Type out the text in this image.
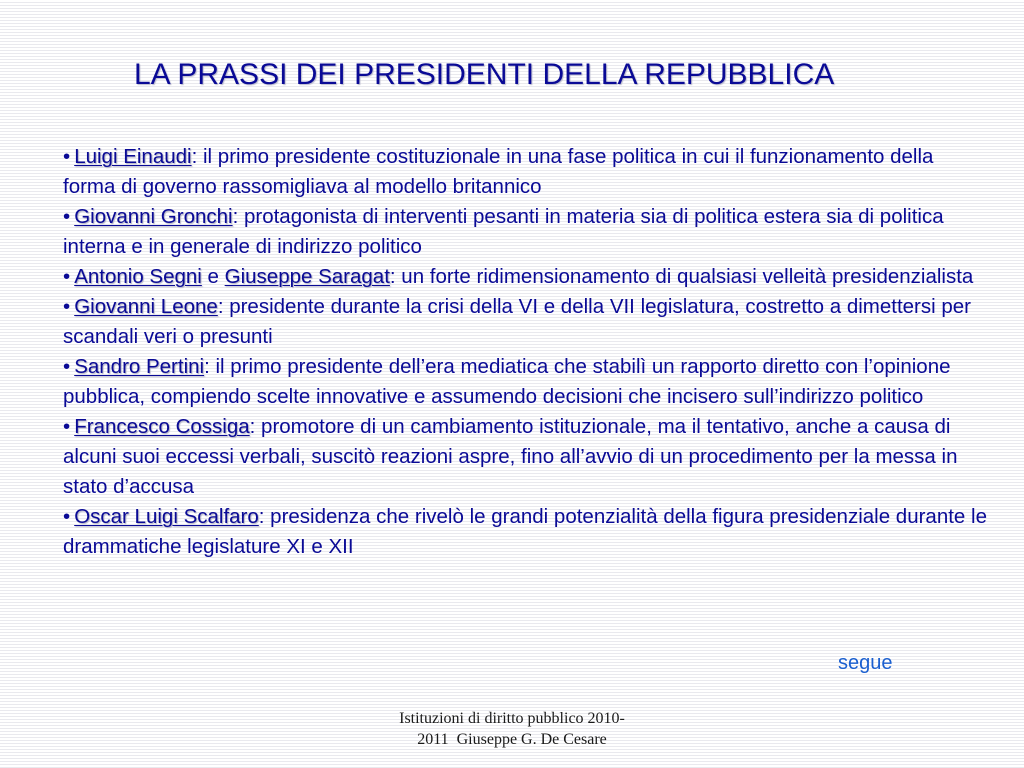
LA PRASSI DEI PRESIDENTI DELLA REPUBBLICA

• Luigi Einaudi: il primo presidente costituzionale in una fase politica in cui il funzionamento della forma di governo rassomigliava al modello britannico

• Giovanni Gronchi: protagonista di interventi pesanti in materia sia di politica estera sia di politica interna e in generale di indirizzo politico

• Antonio Segni e Giuseppe Saragat: un forte ridimensionamento di qualsiasi velleità presidenzialista

• Giovanni Leone: presidente durante la crisi della VI e della VII legislatura, costretto a dimettersi per scandali veri o presunti

• Sandro Pertini: il primo presidente dell’era mediatica che stabilì un rapporto diretto con l’opinione pubblica, compiendo scelte innovative e assumendo decisioni che incisero sull’indirizzo politico

• Francesco Cossiga: promotore di un cambiamento istituzionale, ma il tentativo, anche a causa di alcuni suoi eccessi verbali, suscitò reazioni aspre, fino all’avvio di un procedimento per la messa in stato d’accusa

• Oscar Luigi Scalfaro: presidenza che rivelò le grandi potenzialità della figura presidenziale durante le drammatiche legislature XI e XII

segue
Istituzioni di diritto pubblico 2010-
2011  Giuseppe G. De Cesare
